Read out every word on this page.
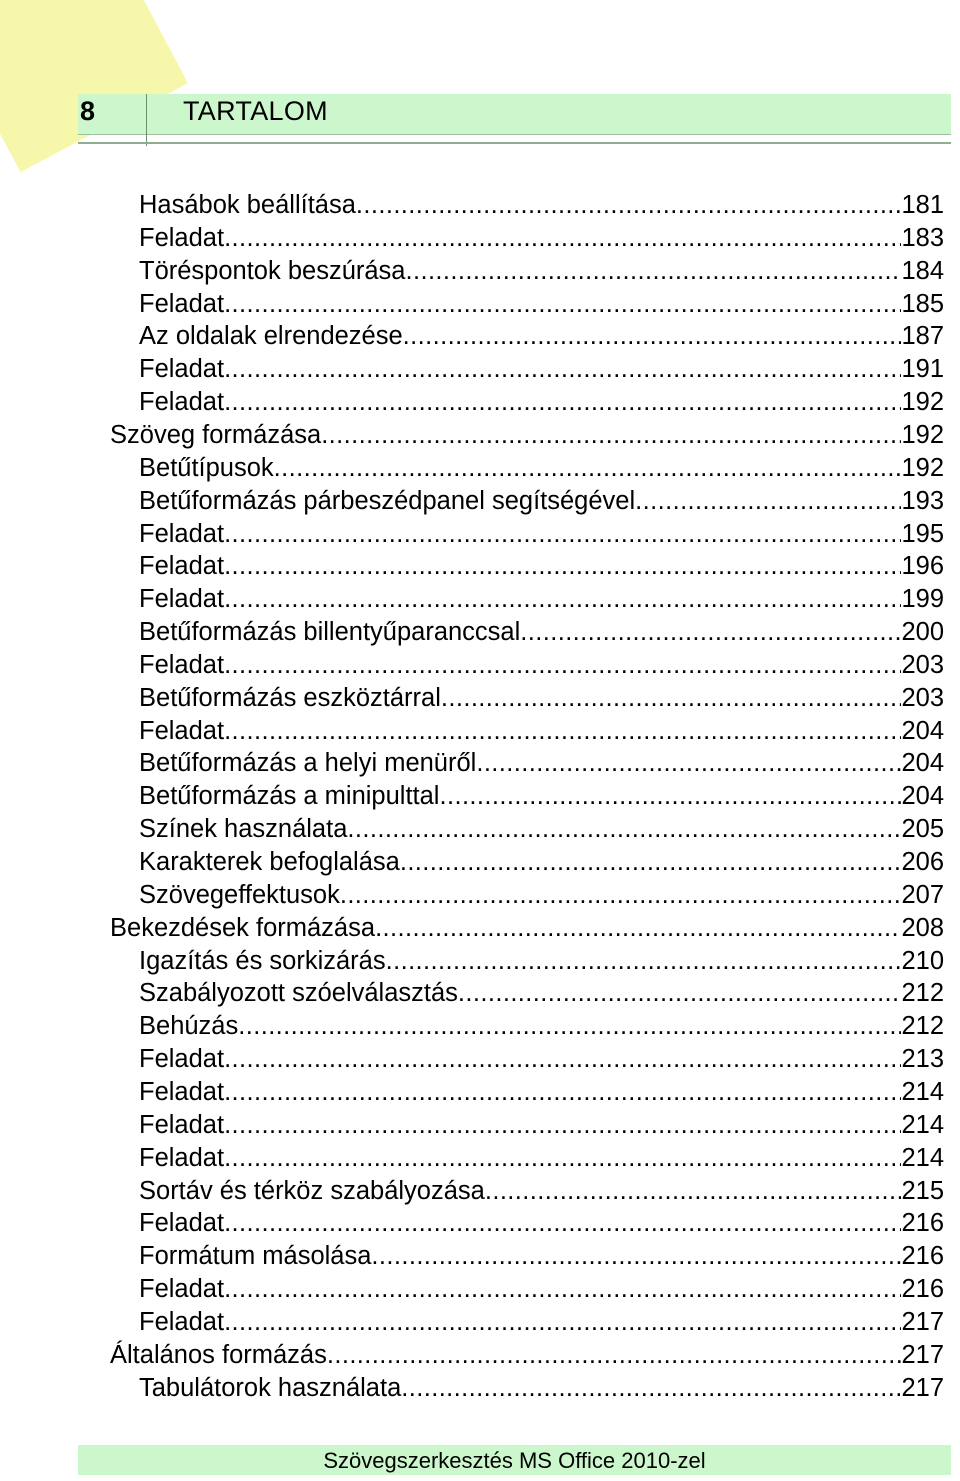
8	TARTALOM
Hasábok beállítása .....	181
Feladat .....	183
Töréspontok beszúrása .....	184
Feladat .....	185
Az oldalak elrendezése .....	187
Feladat .....	191
Feladat .....	192
Szöveg formázása .....	192
Betűtípusok .....	192
Betűformázás párbeszédpanel segítségével .....	193
Feladat .....	195
Feladat .....	196
Feladat .....	199
Betűformázás billentyűparanccsal .....	200
Feladat .....	203
Betűformázás eszköztárral .....	203
Feladat .....	204
Betűformázás a helyi menüről .....	204
Betűformázás a minipulttal .....	204
Színek használata .....	205
Karakterek befoglalása .....	206
Szövegeffektusok .....	207
Bekezdések formázása .....	208
Igazítás és sorkizárás .....	210
Szabályozott szóelválasztás .....	212
Behúzás .....	212
Feladat .....	213
Feladat .....	214
Feladat .....	214
Feladat .....	214
Sortáv és térköz szabályozása .....	215
Feladat .....	216
Formátum másolása .....	216
Feladat .....	216
Feladat .....	217
Általános formázás .....	217
Tabulátorok használata .....	217
Szövegszerkesztés MS Office 2010-zel
